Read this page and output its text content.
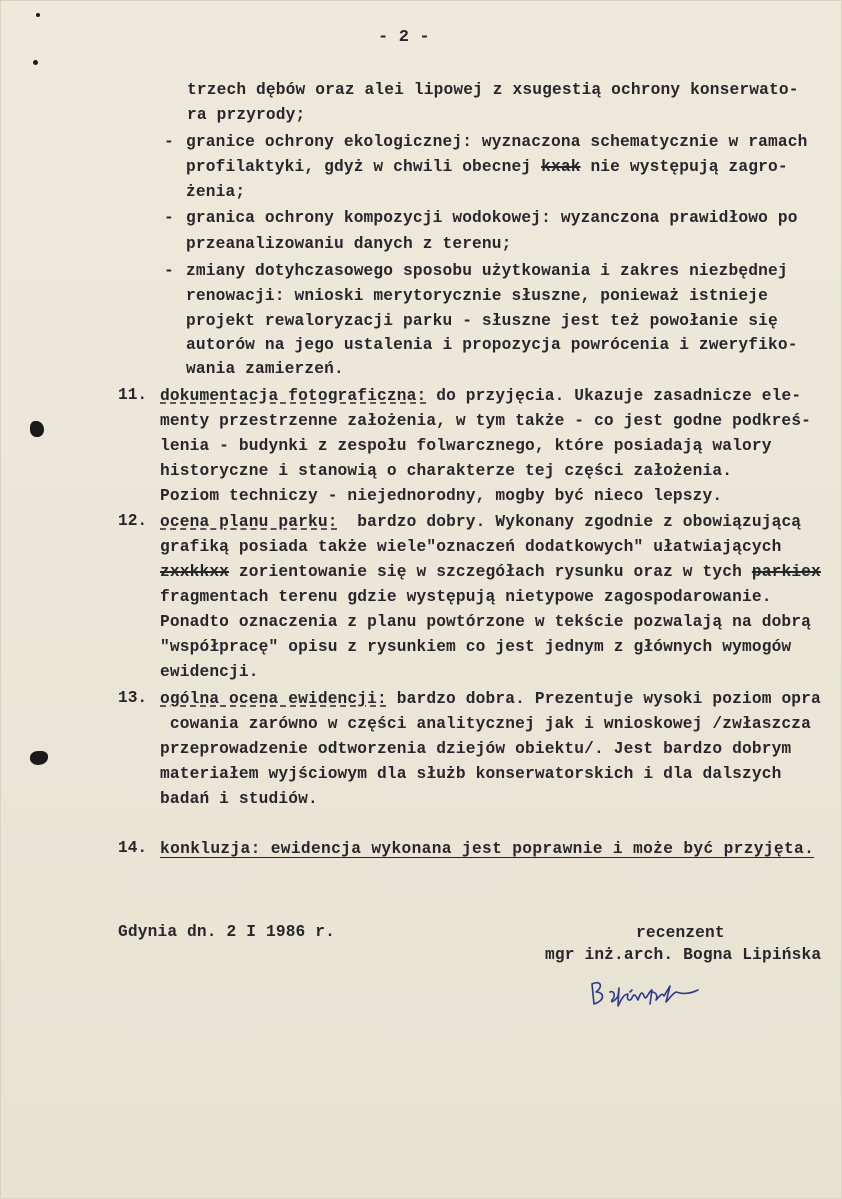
- 2 -
trzech dębów oraz alei lipowej z xsugestią ochrony konserwato-
ra przyrody;
- granice ochrony ekologicznej: wyznaczona schematycznie w ramach
profilaktyki, gdyż w chwili obecnej kxak nie występują zagro-
żenia;
- granica ochrony kompozycji wodokowej: wyzanczona prawidłowo po
przeanalizowaniu danych z terenu;
- zmiany dotyhczasowego sposobu użytkowania i zakres niezbędnej
renowacji: wnioski merytorycznie słuszne, ponieważ istnieje
projekt rewaloryzacji parku - słuszne jest też powołanie się
autorów na jego ustalenia i propozycja powrócenia i zweryfiko-
wania zamierzeń.
11. dokumentacja fotograficzna: do przyjęcia. Ukazuje zasadnicze ele-
menty przestrzenne założenia, w tym także - co jest godne podkreś-
lenia - budynki z zespołu folwarcznego, które posiadają walory
historyczne i stanowią o charakterze tej części założenia.
Poziom techniczy - niejednorodny, mogby być nieco lepszy.
12. ocena planu parku:  bardzo dobry. Wykonany zgodnie z obowiązującą
grafiką posiada także wiele"oznaczeń dodatkowych" ułatwiających
zxxkkxx zorientowanie się w szczegółach rysunku oraz w tych parkiex
fragmentach terenu gdzie występują nietypowe zagospodarowanie.
Ponadto oznaczenia z planu powtórzone w tekście pozwalają na dobrą
"współpracę" opisu z rysunkiem co jest jednym z głównych wymogów
ewidencji.
13. ogólna ocena ewidencji: bardzo dobra. Prezentuje wysoki poziom opra
cowania zarówno w części analitycznej jak i wnioskowej /zwłaszcza
przeprowadzenie odtworzenia dziejów obiektu/. Jest bardzo dobrym
materiałem wyjściowym dla służb konserwatorskich i dla dalszych
badań i studiów.
14. konkluzja: ewidencja wykonana jest poprawnie i może być przyjęta.
Gdynia dn. 2 I 1986 r.	recenzent
mgr inż.arch. Bogna Lipińska
